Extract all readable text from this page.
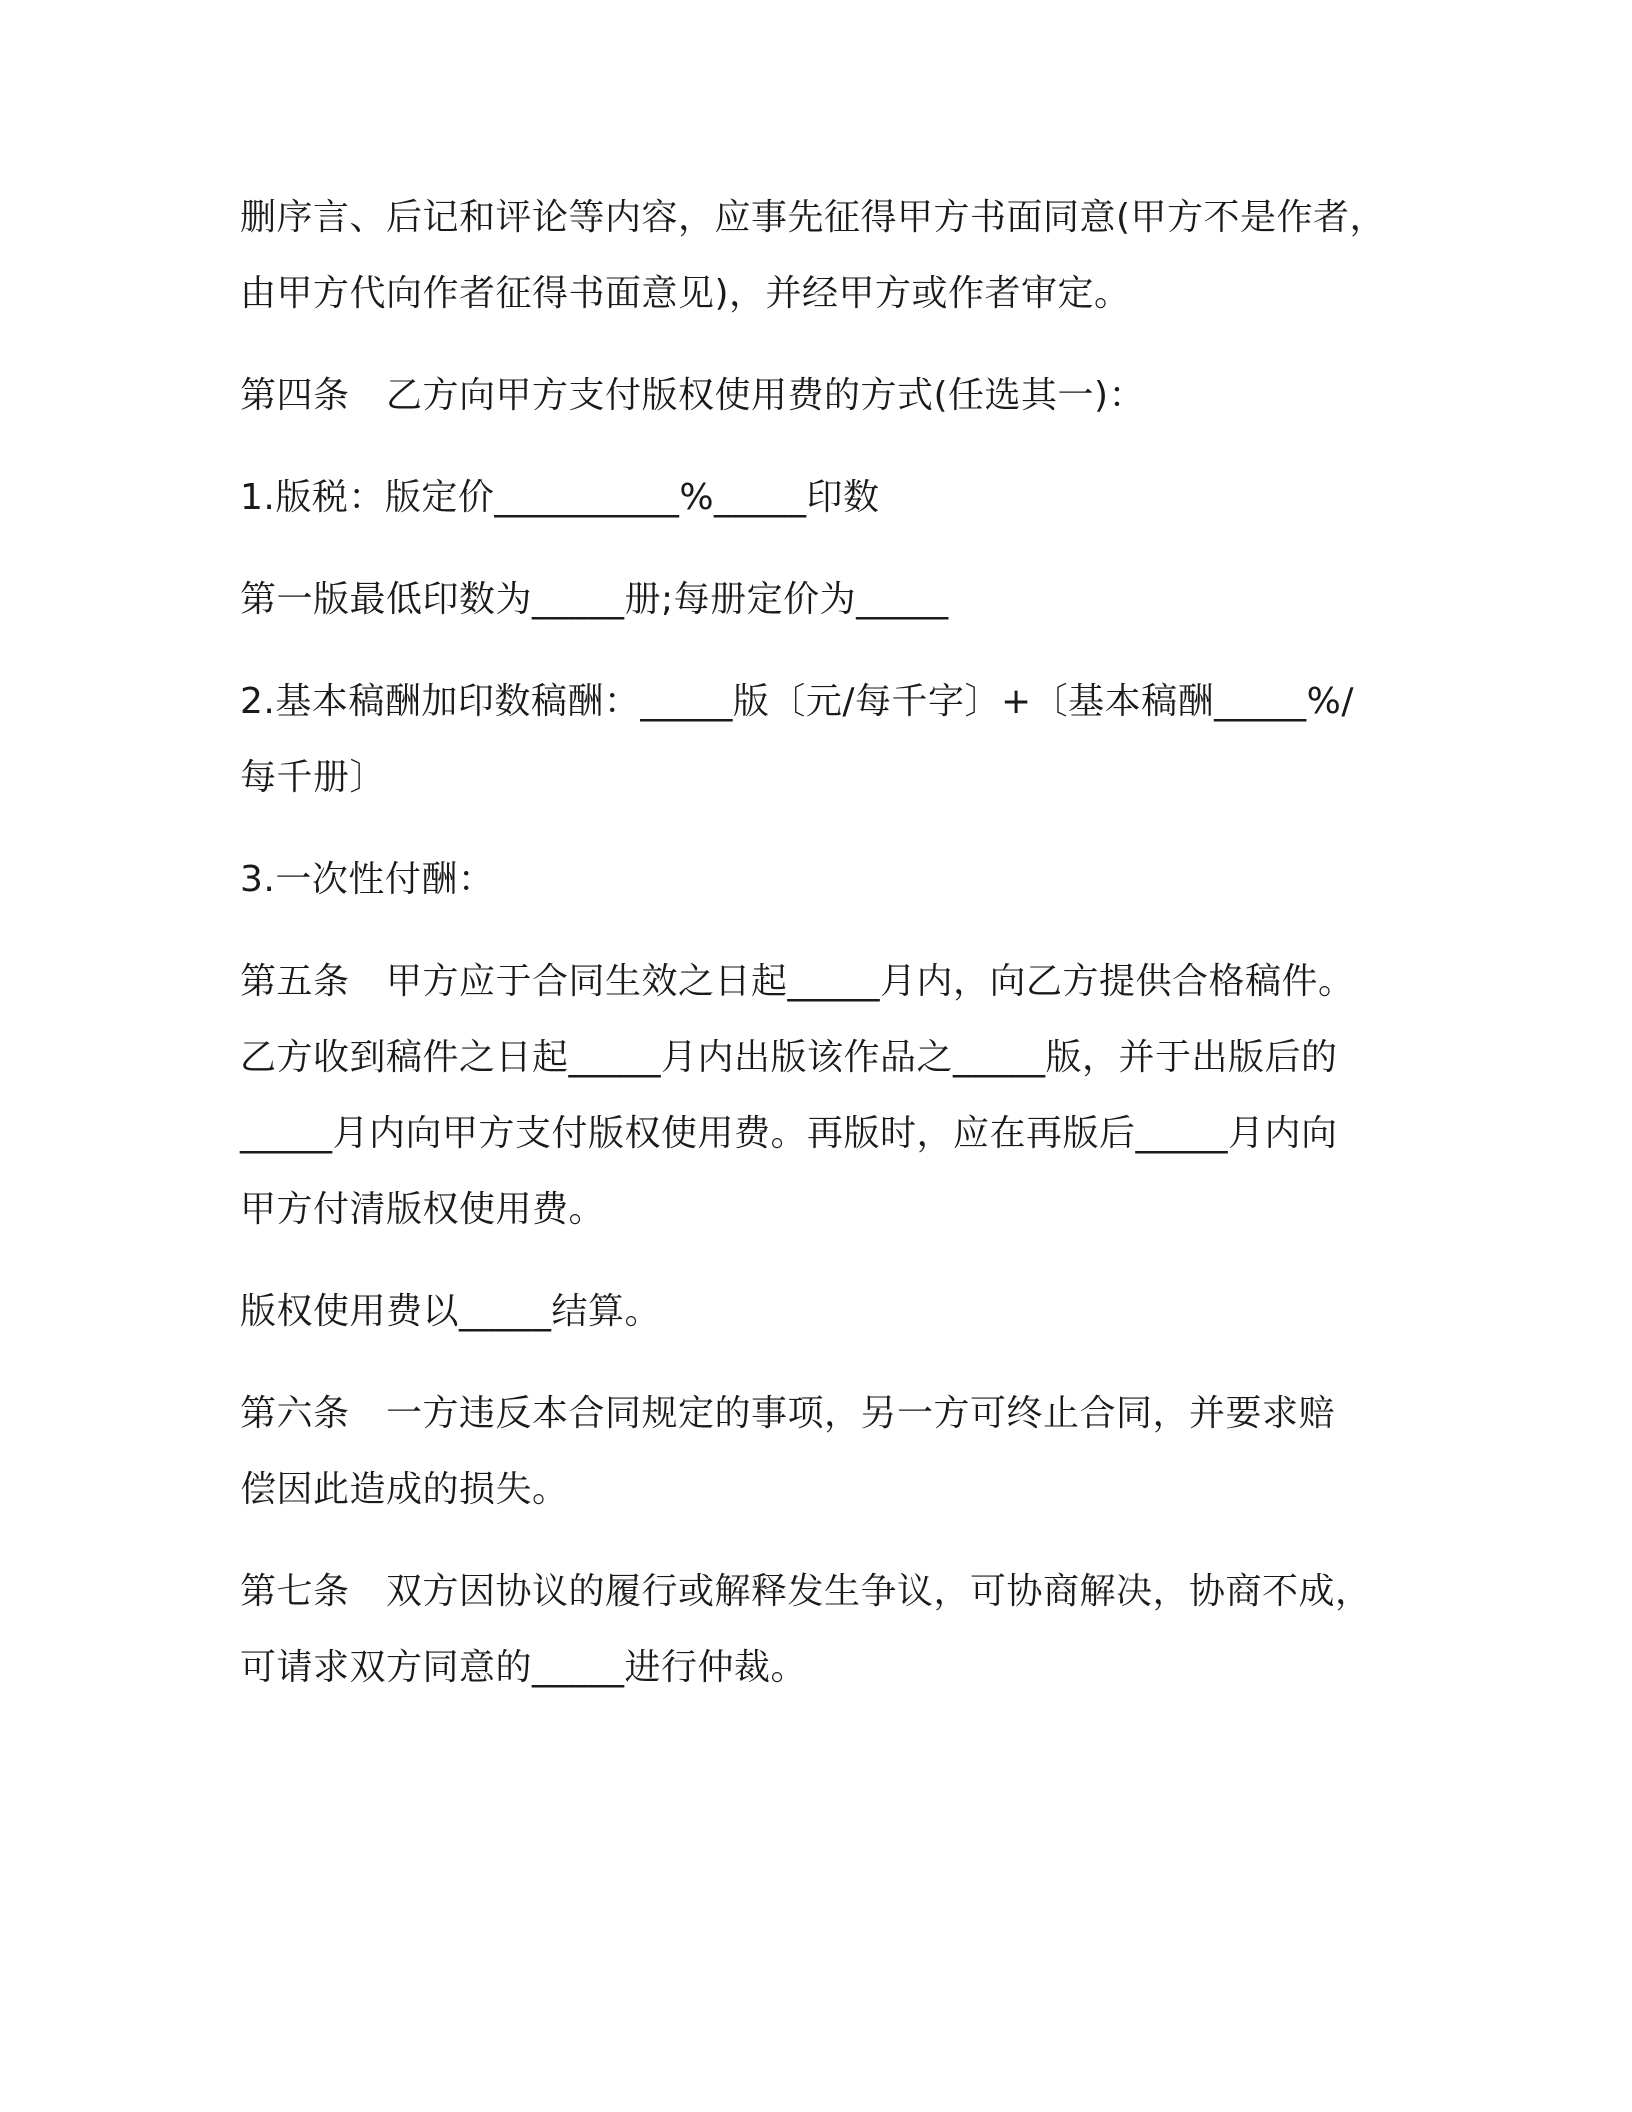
删序言、后记和评论等内容，应事先征得甲方书面同意(甲方不是作者，
由甲方代向作者征得书面意见)，并经甲方或作者审定。
第四条　乙方向甲方支付版权使用费的方式(任选其一)：
1.版税：版定价__________%_____印数
第一版最低印数为_____册;每册定价为_____
2.基本稿酬加印数稿酬：_____版〔元/每千字〕+〔基本稿酬_____%/
每千册〕
3.一次性付酬：
第五条　甲方应于合同生效之日起_____月内，向乙方提供合格稿件。
乙方收到稿件之日起_____月内出版该作品之_____版，并于出版后的
_____月内向甲方支付版权使用费。再版时，应在再版后_____月内向
甲方付清版权使用费。
版权使用费以_____结算。
第六条　一方违反本合同规定的事项，另一方可终止合同，并要求赔
偿因此造成的损失。
第七条　双方因协议的履行或解释发生争议，可协商解决，协商不成，
可请求双方同意的_____进行仲裁。
